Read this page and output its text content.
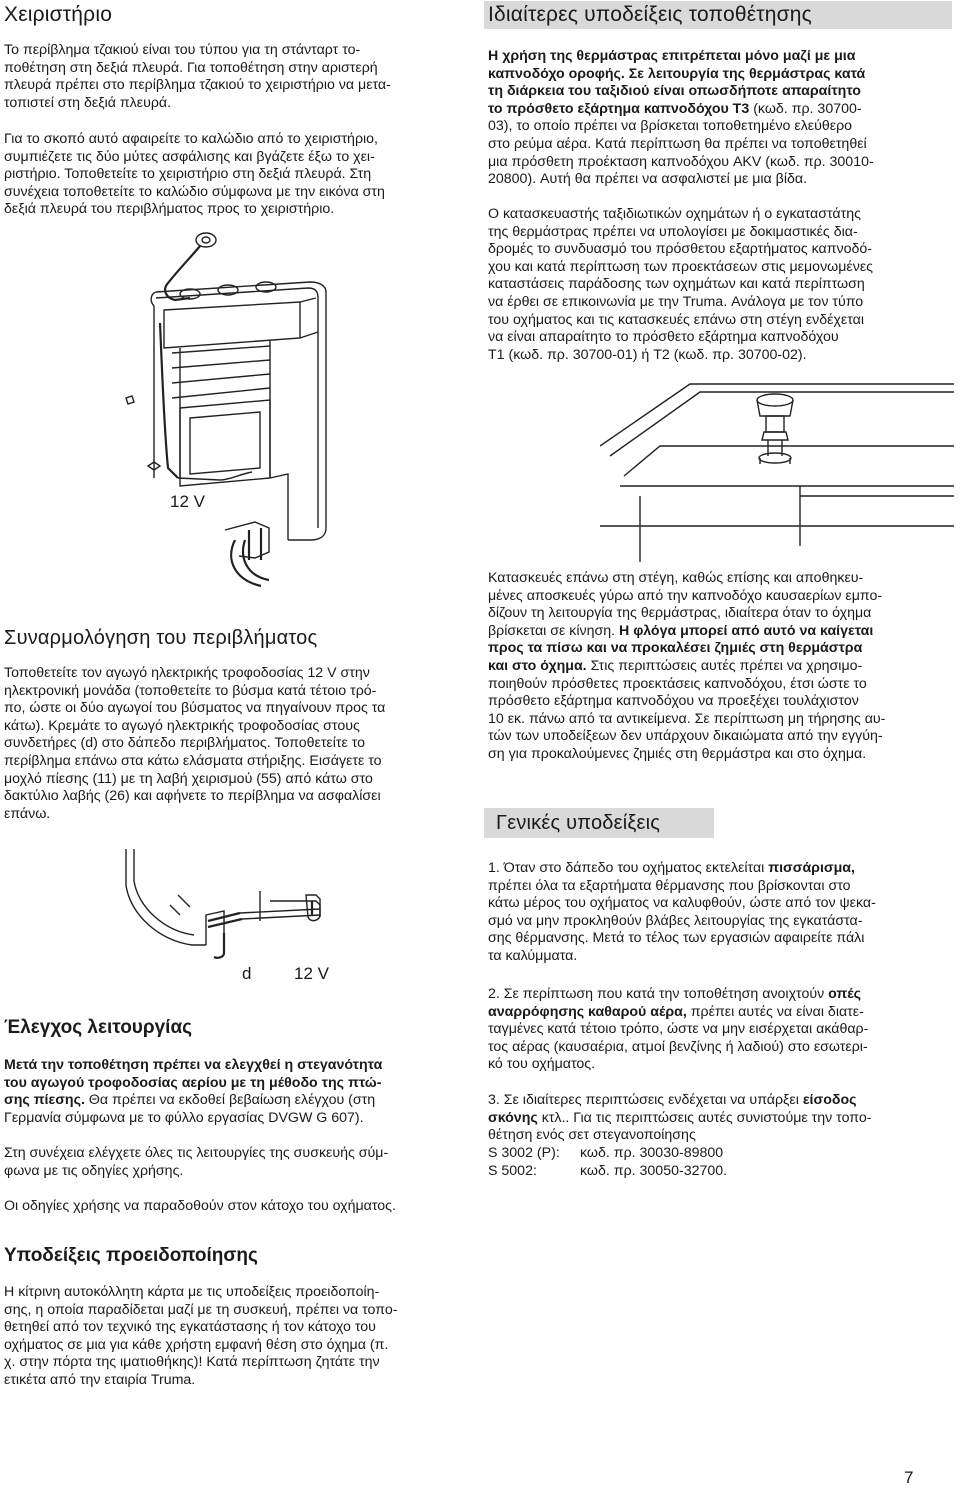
Χειριστήριο
Το περίβλημα τζακιού είναι του τύπου για τη στάνταρτ το-
ποθέτηση στη δεξιά πλευρά. Για τοποθέτηση στην αριστερή
πλευρά πρέπει στο περίβλημα τζακιού το χειριστήριο να μετα-
τοπιστεί στη δεξιά πλευρά.
Για το σκοπό αυτό αφαιρείτε το καλώδιο από το χειριστήριο,
συμπιέζετε τις δύο μύτες ασφάλισης και βγάζετε έξω το χει-
ριστήριο. Τοποθετείτε το χειριστήριο στη δεξιά πλευρά. Στη
συνέχεια τοποθετείτε το καλώδιο σύμφωνα με την εικόνα στη
δεξιά πλευρά του περιβλήματος προς το χειριστήριο.
12 V
Συναρμολόγηση του περιβλήματος
Τοποθετείτε τον αγωγό ηλεκτρικής τροφοδοσίας 12 V στην
ηλεκτρονική μονάδα (τοποθετείτε το βύσμα κατά τέτοιο τρό-
πο, ώστε οι δύο αγωγοί του βύσματος να πηγαίνουν προς τα
κάτω). Κρεμάτε το αγωγό ηλεκτρικής τροφοδοσίας στους
συνδετήρες (d) στο δάπεδο περιβλήματος. Τοποθετείτε το
περίβλημα επάνω στα κάτω ελάσματα στήριξης. Εισάγετε το
μοχλό πίεσης (11) με τη λαβή χειρισμού (55) από κάτω στο
δακτύλιο λαβής (26) και αφήνετε το περίβλημα να ασφαλίσει
επάνω.
d	12 V
Έλεγχος λειτουργίας
Μετά την τοποθέτηση πρέπει να ελεγχθεί η στεγανότητα
του αγωγού τροφοδοσίας αερίου με τη μέθοδο της πτώ-
σης πίεσης. Θα πρέπει να εκδοθεί βεβαίωση ελέγχου (στη
Γερμανία σύμφωνα με το φύλλο εργασίας DVGW G 607).
Στη συνέχεια ελέγχετε όλες τις λειτουργίες της συσκευής σύμ-
φωνα με τις οδηγίες χρήσης.
Οι οδηγίες χρήσης να παραδοθούν στον κάτοχο του οχήματος.
Υποδείξεις προειδοποίησης
Η κίτρινη αυτοκόλλητη κάρτα με τις υποδείξεις προειδοποίη-
σης, η οποία παραδίδεται μαζί με τη συσκευή, πρέπει να τοπο-
θετηθεί από τον τεχνικό της εγκατάστασης ή τον κάτοχο του
οχήματος σε μια για κάθε χρήστη εμφανή θέση στο όχημα (π.
χ. στην πόρτα της ιματιοθήκης)! Κατά περίπτωση ζητάτε την
ετικέτα από την εταιρία Truma.
Ιδιαίτερες υποδείξεις τοποθέτησης
Η χρήση της θερμάστρας επιτρέπεται μόνο μαζί με μια
καπνοδόχο οροφής. Σε λειτουργία της θερμάστρας κατά
τη διάρκεια του ταξιδιού είναι οπωσδήποτε απαραίτητο
το πρόσθετο εξάρτημα καπνοδόχου T3 (κωδ. πρ. 30700-
03), το οποίο πρέπει να βρίσκεται τοποθετημένο ελεύθερο
στο ρεύμα αέρα. Κατά περίπτωση θα πρέπει να τοποθετηθεί
μια πρόσθετη προέκταση καπνοδόχου AKV (κωδ. πρ. 30010-
20800). Αυτή θα πρέπει να ασφαλιστεί με μια βίδα.
Ο κατασκευαστής ταξιδιωτικών οχημάτων ή ο εγκαταστάτης
της θερμάστρας πρέπει να υπολογίσει με δοκιμαστικές δια-
δρομές το συνδυασμό του πρόσθετου εξαρτήματος καπνοδό-
χου και κατά περίπτωση των προεκτάσεων στις μεμονωμένες
καταστάσεις παράδοσης των οχημάτων και κατά περίπτωση
να έρθει σε επικοινωνία με την Truma. Ανάλογα με τον τύπο
του οχήματος και τις κατασκευές επάνω στη στέγη ενδέχεται
να είναι απαραίτητο το πρόσθετο εξάρτημα καπνοδόχου
T1 (κωδ. πρ. 30700-01) ή T2 (κωδ. πρ. 30700-02).
Κατασκευές επάνω στη στέγη, καθώς επίσης και αποθηκευ-
μένες αποσκευές γύρω από την καπνοδόχο καυσαερίων εμπο-
δίζουν τη λειτουργία της θερμάστρας, ιδιαίτερα όταν το όχημα
βρίσκεται σε κίνηση. Η φλόγα μπορεί από αυτό να καίγεται
προς τα πίσω και να προκαλέσει ζημιές στη θερμάστρα
και στο όχημα. Στις περιπτώσεις αυτές πρέπει να χρησιμο-
ποιηθούν πρόσθετες προεκτάσεις καπνοδόχου, έτσι ώστε το
πρόσθετο εξάρτημα καπνοδόχου να προεξέχει τουλάχιστον
10 εκ. πάνω από τα αντικείμενα. Σε περίπτωση μη τήρησης αυ-
τών των υποδείξεων δεν υπάρχουν δικαιώματα από την εγγύη-
ση για προκαλούμενες ζημιές στη θερμάστρα και στο όχημα.
Γενικές υποδείξεις
1. Όταν στο δάπεδο του οχήματος εκτελείται πισσάρισμα,
πρέπει όλα τα εξαρτήματα θέρμανσης που βρίσκονται στο
κάτω μέρος του οχήματος να καλυφθούν, ώστε από τον ψεκα-
σμό να μην προκληθούν βλάβες λειτουργίας της εγκατάστα-
σης θέρμανσης. Μετά το τέλος των εργασιών αφαιρείτε πάλι
τα καλύμματα.
2. Σε περίπτωση που κατά την τοποθέτηση ανοιχτούν οπές
αναρρόφησης καθαρού αέρα, πρέπει αυτές να είναι διατε-
ταγμένες κατά τέτοιο τρόπο, ώστε να μην εισέρχεται ακάθαρ-
τος αέρας (καυσαέρια, ατμοί βενζίνης ή λαδιού) στο εσωτερι-
κό του οχήματος.
3. Σε ιδιαίτερες περιπτώσεις ενδέχεται να υπάρξει είσοδος
σκόνης κτλ.. Για τις περιπτώσεις αυτές συνιστούμε την τοπο-
θέτηση ενός σετ στεγανοποίησης
S 3002 (P): κωδ. πρ. 30030-89800
S 5002:	κωδ. πρ. 30050-32700.
7
